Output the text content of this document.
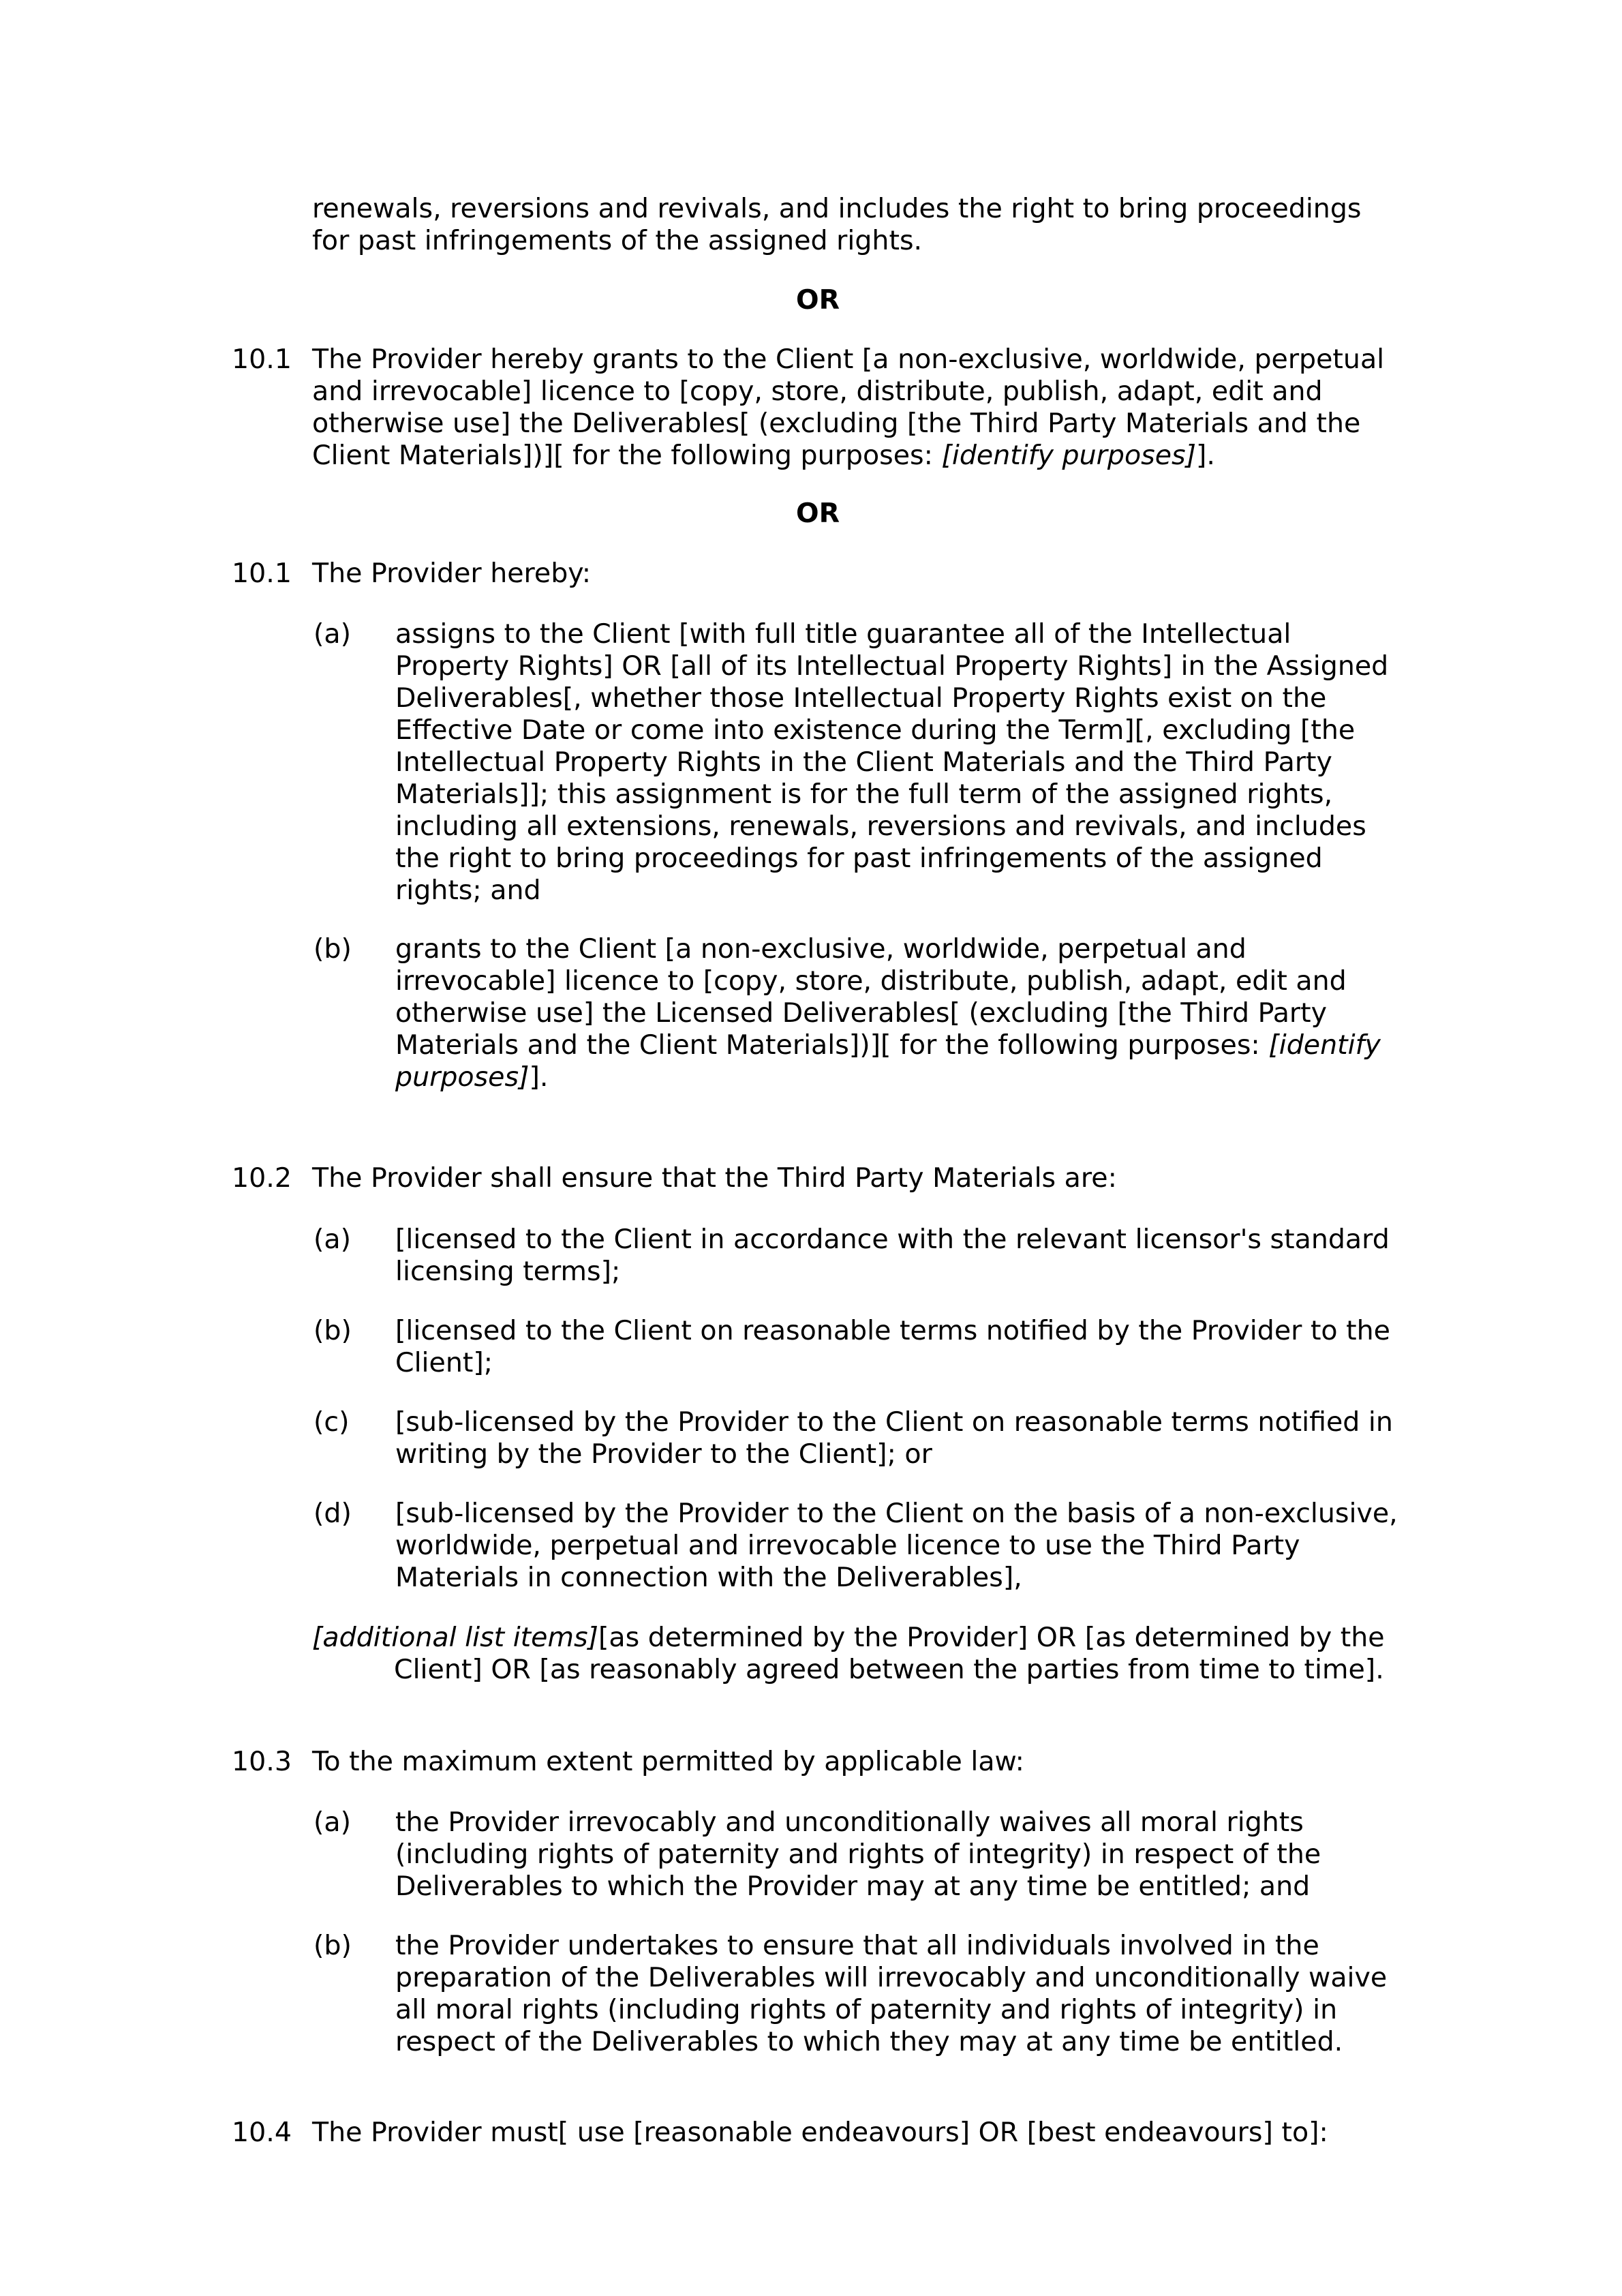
renewals, reversions and revivals, and includes the right to bring proceedings for past infringements of the assigned rights.

OR

10.1 The Provider hereby grants to the Client [a non-exclusive, worldwide, perpetual and irrevocable] licence to [copy, store, distribute, publish, adapt, edit and otherwise use] the Deliverables[ (excluding [the Third Party Materials and the Client Materials])][ for the following purposes: [identify purposes]].

OR

10.1 The Provider hereby:
(a) assigns to the Client [with full title guarantee all of the Intellectual Property Rights] OR [all of its Intellectual Property Rights] in the Assigned Deliverables[, whether those Intellectual Property Rights exist on the Effective Date or come into existence during the Term][, excluding [the Intellectual Property Rights in the Client Materials and the Third Party Materials]]; this assignment is for the full term of the assigned rights, including all extensions, renewals, reversions and revivals, and includes the right to bring proceedings for past infringements of the assigned rights; and
(b) grants to the Client [a non-exclusive, worldwide, perpetual and irrevocable] licence to [copy, store, distribute, publish, adapt, edit and otherwise use] the Licensed Deliverables[ (excluding [the Third Party Materials and the Client Materials])][ for the following purposes: [identify purposes]].
10.2 The Provider shall ensure that the Third Party Materials are:
(a) [licensed to the Client in accordance with the relevant licensor's standard licensing terms];
(b) [licensed to the Client on reasonable terms notified by the Provider to the Client];
(c) [sub-licensed by the Provider to the Client on reasonable terms notified in writing by the Provider to the Client]; or
(d) [sub-licensed by the Provider to the Client on the basis of a non-exclusive, worldwide, perpetual and irrevocable licence to use the Third Party Materials in connection with the Deliverables],

[additional list items][as determined by the Provider] OR [as determined by the Client] OR [as reasonably agreed between the parties from time to time].

10.3 To the maximum extent permitted by applicable law:
(a) the Provider irrevocably and unconditionally waives all moral rights (including rights of paternity and rights of integrity) in respect of the Deliverables to which the Provider may at any time be entitled; and
(b) the Provider undertakes to ensure that all individuals involved in the preparation of the Deliverables will irrevocably and unconditionally waive all moral rights (including rights of paternity and rights of integrity) in respect of the Deliverables to which they may at any time be entitled.
10.4 The Provider must[ use [reasonable endeavours] OR [best endeavours] to]:
